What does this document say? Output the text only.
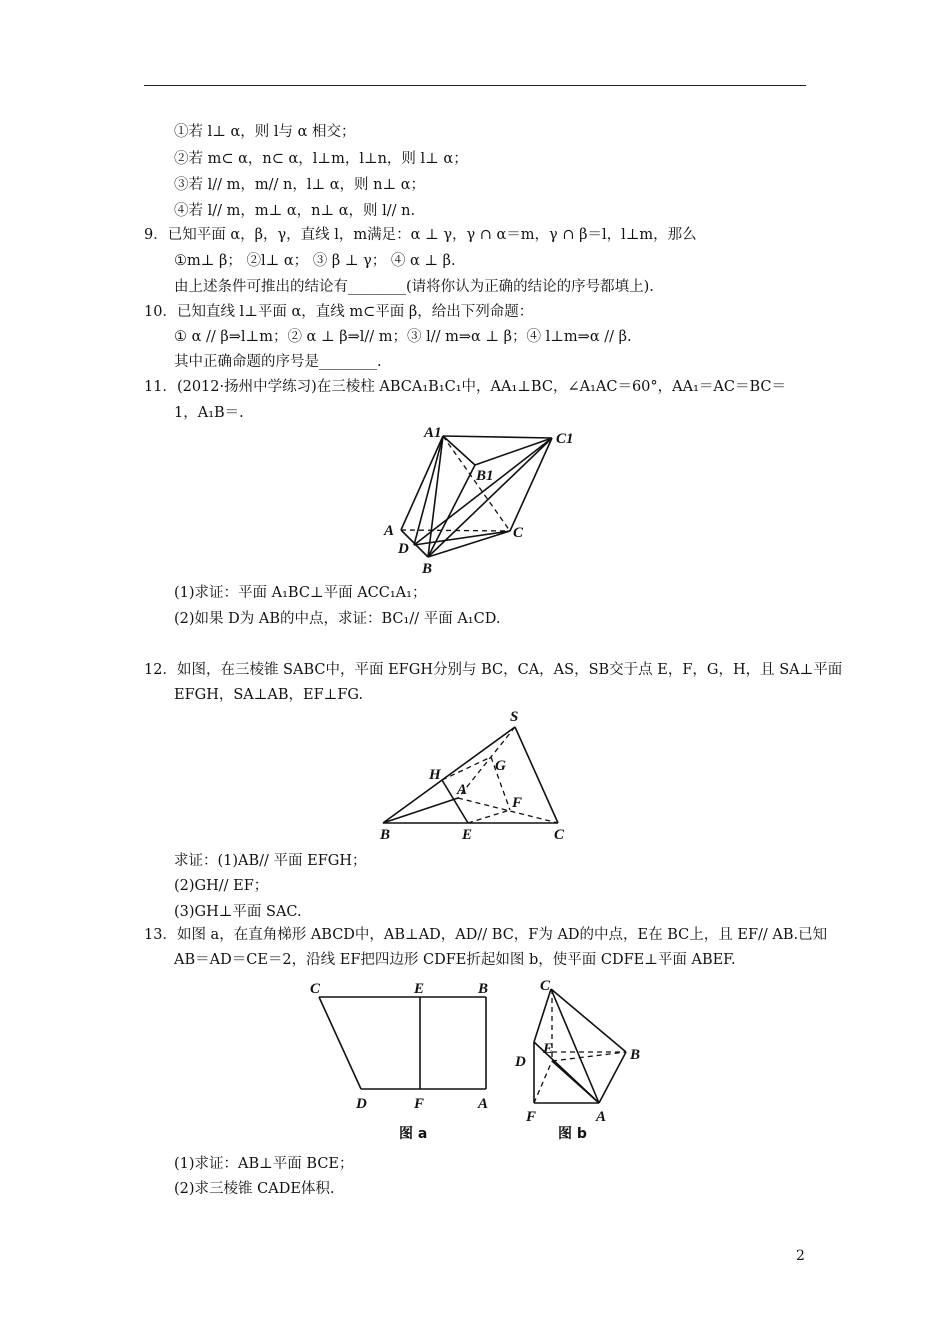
①若 l⊥ α，则 l与 α 相交；
②若 m⊂ α，n⊂ α，l⊥m，l⊥n，则 l⊥ α；
③若 l// m，m// n，l⊥ α，则 n⊥ α；
④若 l// m，m⊥ α，n⊥ α，则 l// n.
9．已知平面 α，β，γ，直线 l，m满足：α ⊥ γ，γ ∩ α＝m，γ ∩ β＝l，l⊥m，那么
①m⊥ β； ②l⊥ α； ③ β ⊥ γ； ④ α ⊥ β.
由上述条件可推出的结论有________(请将你认为正确的结论的序号都填上).
10．已知直线 l⊥平面 α，直线 m⊂平面 β，给出下列命题：
① α // β⇒l⊥m；② α ⊥ β⇒l// m；③ l// m⇒α ⊥ β；④ l⊥m⇒α // β.
其中正确命题的序号是________.
11．(2012·扬州中学练习)在三棱柱 ABCA₁B₁C₁中，AA₁⊥BC，∠A₁AC＝60°，AA₁＝AC＝BC＝
1，A₁B＝.
(1)求证：平面 A₁BC⊥平面 ACC₁A₁；
(2)如果 D为 AB的中点，求证：BC₁// 平面 A₁CD.
12．如图，在三棱锥 SABC中，平面 EFGH分别与 BC，CA，AS，SB交于点 E，F，G，H，且 SA⊥平面
EFGH，SA⊥AB，EF⊥FG.
求证：(1)AB// 平面 EFGH；
(2)GH// EF；
(3)GH⊥平面 SAC.
13．如图 a，在直角梯形 ABCD中，AB⊥AD，AD// BC，F为 AD的中点，E在 BC上，且 EF// AB.已知
AB＝AD＝CE＝2，沿线 EF把四边形 CDFE折起如图 b，使平面 CDFE⊥平面 ABEF.
(1)求证：AB⊥平面 BCE；
(2)求三棱锥 CADE体积.
A1	C1
B1
A
D
C
B
S
H
G
A
F
B	E	C
C	E	B
D	F	A
图 a
C
E	B
D
F	A
图 b
2
